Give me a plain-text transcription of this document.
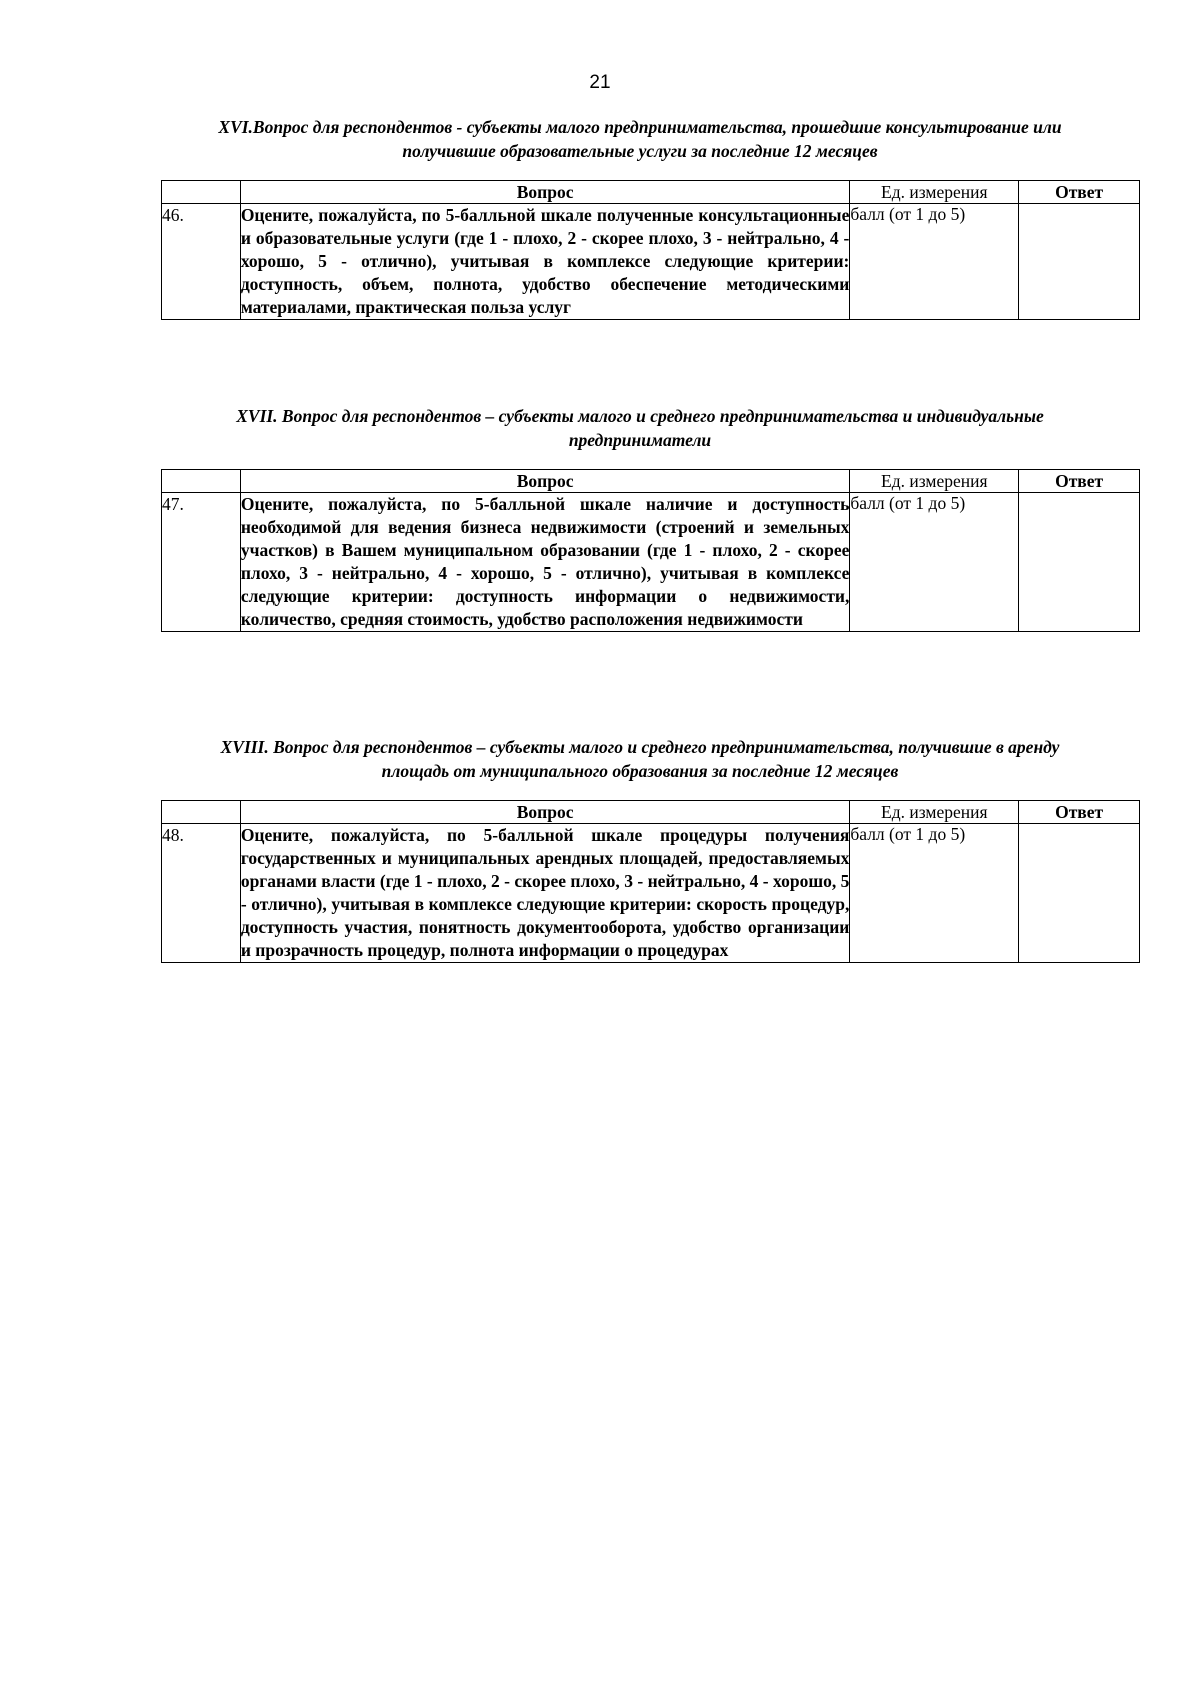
21

XVI.Вопрос для респондентов - субъекты малого предпринимательства, прошедшие консультирование или
получившие образовательные услуги за последние 12 месяцев

	Вопрос	Ед. измерения	Ответ
46.	Оцените, пожалуйста, по 5-балльной шкале полученные консультационные и образовательные услуги (где 1 - плохо, 2 - скорее плохо, 3 - нейтрально, 4 - хорошо, 5 - отлично), учитывая в комплексе следующие критерии: доступность, объем, полнота, удобство обеспечение методическими материалами, практическая польза услуг	балл (от 1 до 5)	

XVII. Вопрос для респондентов – субъекты малого и среднего предпринимательства и индивидуальные
предприниматели

	Вопрос	Ед. измерения	Ответ
47.	Оцените, пожалуйста, по 5-балльной шкале наличие и доступность необходимой для ведения бизнеса недвижимости (строений и земельных участков) в Вашем муниципальном образовании (где 1 - плохо, 2 - скорее плохо, 3 - нейтрально, 4 - хорошо, 5 - отлично), учитывая в комплексе следующие критерии: доступность информации о недвижимости, количество, средняя стоимость, удобство расположения недвижимости	балл (от 1 до 5)	

XVIII. Вопрос для респондентов – субъекты малого и среднего предпринимательства, получившие в аренду
площадь от муниципального образования за последние 12 месяцев

	Вопрос	Ед. измерения	Ответ
48.	Оцените, пожалуйста, по 5-балльной шкале процедуры получения государственных и муниципальных арендных площадей, предоставляемых органами власти (где 1 - плохо, 2 - скорее плохо, 3 - нейтрально, 4 - хорошо, 5 - отлично), учитывая в комплексе следующие критерии: скорость процедур, доступность участия, понятность документооборота, удобство организации и прозрачность процедур, полнота информации о процедурах	балл (от 1 до 5)	
